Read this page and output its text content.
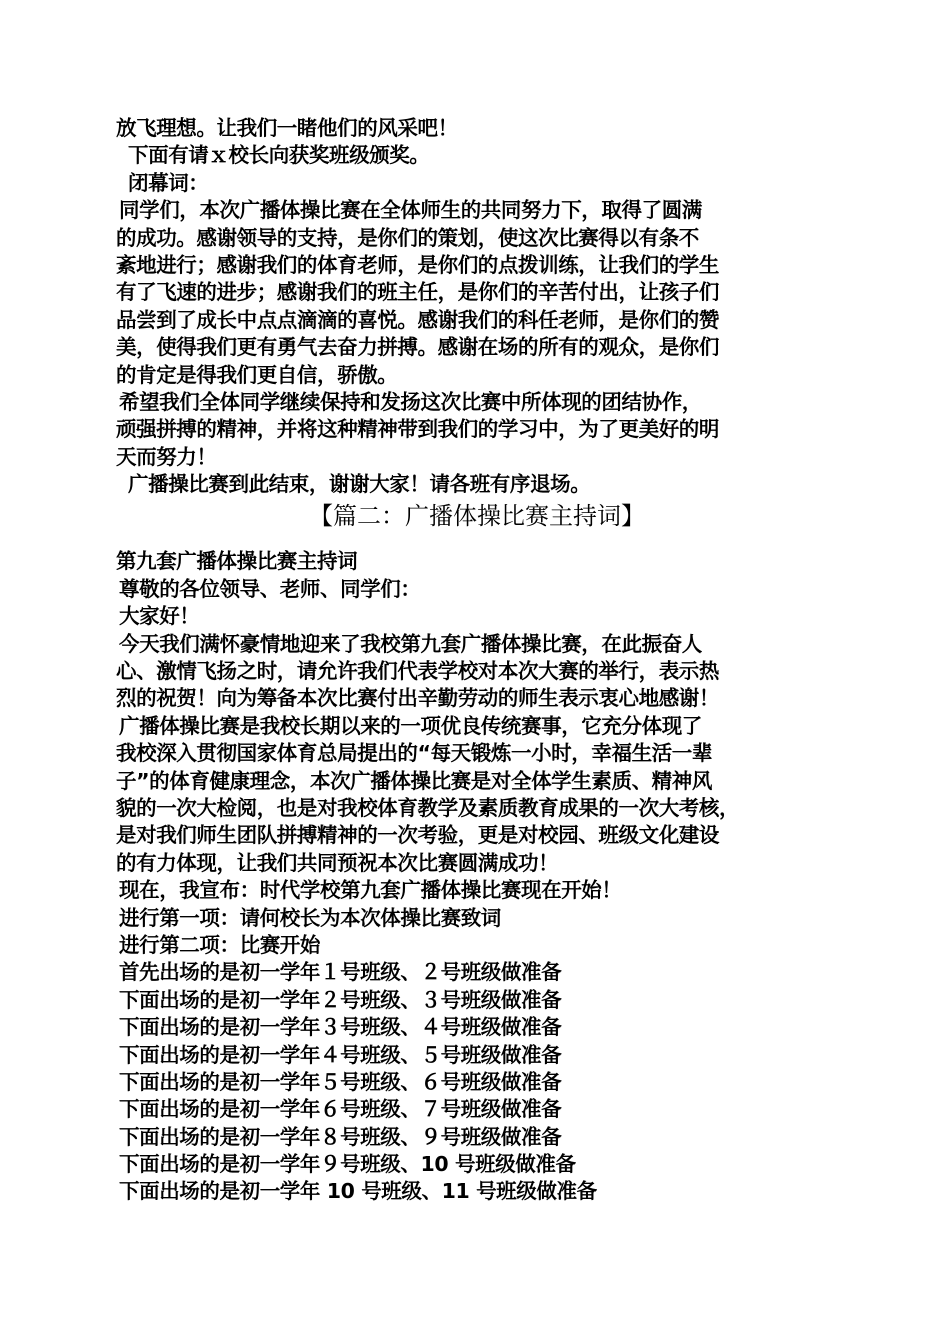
放飞理想。让我们一睹他们的风采吧！
下面有请ｘ校长向获奖班级颁奖。
闭幕词：
同学们，本次广播体操比赛在全体师生的共同努力下，取得了圆满
的成功。感谢领导的支持，是你们的策划，使这次比赛得以有条不
紊地进行；感谢我们的体育老师，是你们的点拨训练，让我们的学生
有了飞速的进步；感谢我们的班主任，是你们的辛苦付出，让孩子们
品尝到了成长中点点滴滴的喜悦。感谢我们的科任老师，是你们的赞
美，使得我们更有勇气去奋力拼搏。感谢在场的所有的观众，是你们
的肯定是得我们更自信，骄傲。
希望我们全体同学继续保持和发扬这次比赛中所体现的团结协作，
顽强拼搏的精神，并将这种精神带到我们的学习中，为了更美好的明
天而努力！
广播操比赛到此结束，谢谢大家！请各班有序退场。
【篇二：广播体操比赛主持词】
第九套广播体操比赛主持词
尊敬的各位领导、老师、同学们：
大家好！
今天我们满怀豪情地迎来了我校第九套广播体操比赛，在此振奋人
心、激情飞扬之时，请允许我们代表学校对本次大赛的举行，表示热
烈的祝贺！向为筹备本次比赛付出辛勤劳动的师生表示衷心地感谢！
广播体操比赛是我校长期以来的一项优良传统赛事，它充分体现了
我校深入贯彻国家体育总局提出的“每天锻炼一小时，幸福生活一辈
子”的体育健康理念，本次广播体操比赛是对全体学生素质、精神风
貌的一次大检阅，也是对我校体育教学及素质教育成果的一次大考核，
是对我们师生团队拼搏精神的一次考验，更是对校园、班级文化建设
的有力体现，让我们共同预祝本次比赛圆满成功！
现在，我宣布：时代学校第九套广播体操比赛现在开始！
进行第一项：请何校长为本次体操比赛致词
进行第二项：比赛开始
首先出场的是初一学年１号班级、２号班级做准备
下面出场的是初一学年２号班级、３号班级做准备
下面出场的是初一学年３号班级、４号班级做准备
下面出场的是初一学年４号班级、５号班级做准备
下面出场的是初一学年５号班级、６号班级做准备
下面出场的是初一学年６号班级、７号班级做准备
下面出场的是初一学年８号班级、９号班级做准备
下面出场的是初一学年９号班级、10 号班级做准备
下面出场的是初一学年 10 号班级、11 号班级做准备
